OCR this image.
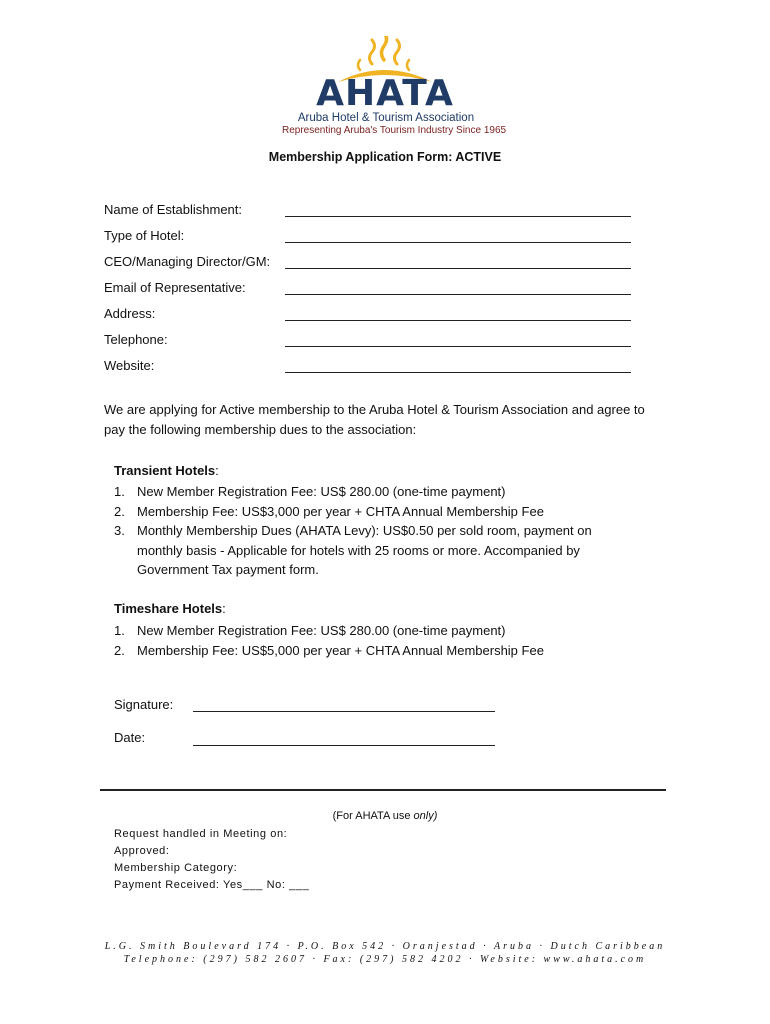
AHATA
Aruba Hotel & Tourism Association
Representing Aruba's Tourism Industry Since 1965
Membership Application Form: ACTIVE
Name of Establishment:
Type of Hotel:
CEO/Managing Director/GM:
Email of Representative:
Address:
Telephone:
Website:
We are applying for Active membership to the Aruba Hotel & Tourism Association and agree to pay the following membership dues to the association:
Transient Hotels:
1. New Member Registration Fee: US$ 280.00 (one-time payment)
2. Membership Fee: US$3,000 per year + CHTA Annual Membership Fee
3. Monthly Membership Dues (AHATA Levy): US$0.50 per sold room, payment on monthly basis - Applicable for hotels with 25 rooms or more. Accompanied by Government Tax payment form.
Timeshare Hotels:
1. New Member Registration Fee: US$ 280.00 (one-time payment)
2. Membership Fee: US$5,000 per year + CHTA Annual Membership Fee
Signature:
Date:
(For AHATA use only)
Request handled in Meeting on:
Approved:
Membership Category:
Payment Received: Yes___ No: ___
L.G. Smith Boulevard 174 · P.O. Box 542 · Oranjestad · Aruba · Dutch Caribbean
Telephone: (297) 582 2607 · Fax: (297) 582 4202 · Website: www.ahata.com
